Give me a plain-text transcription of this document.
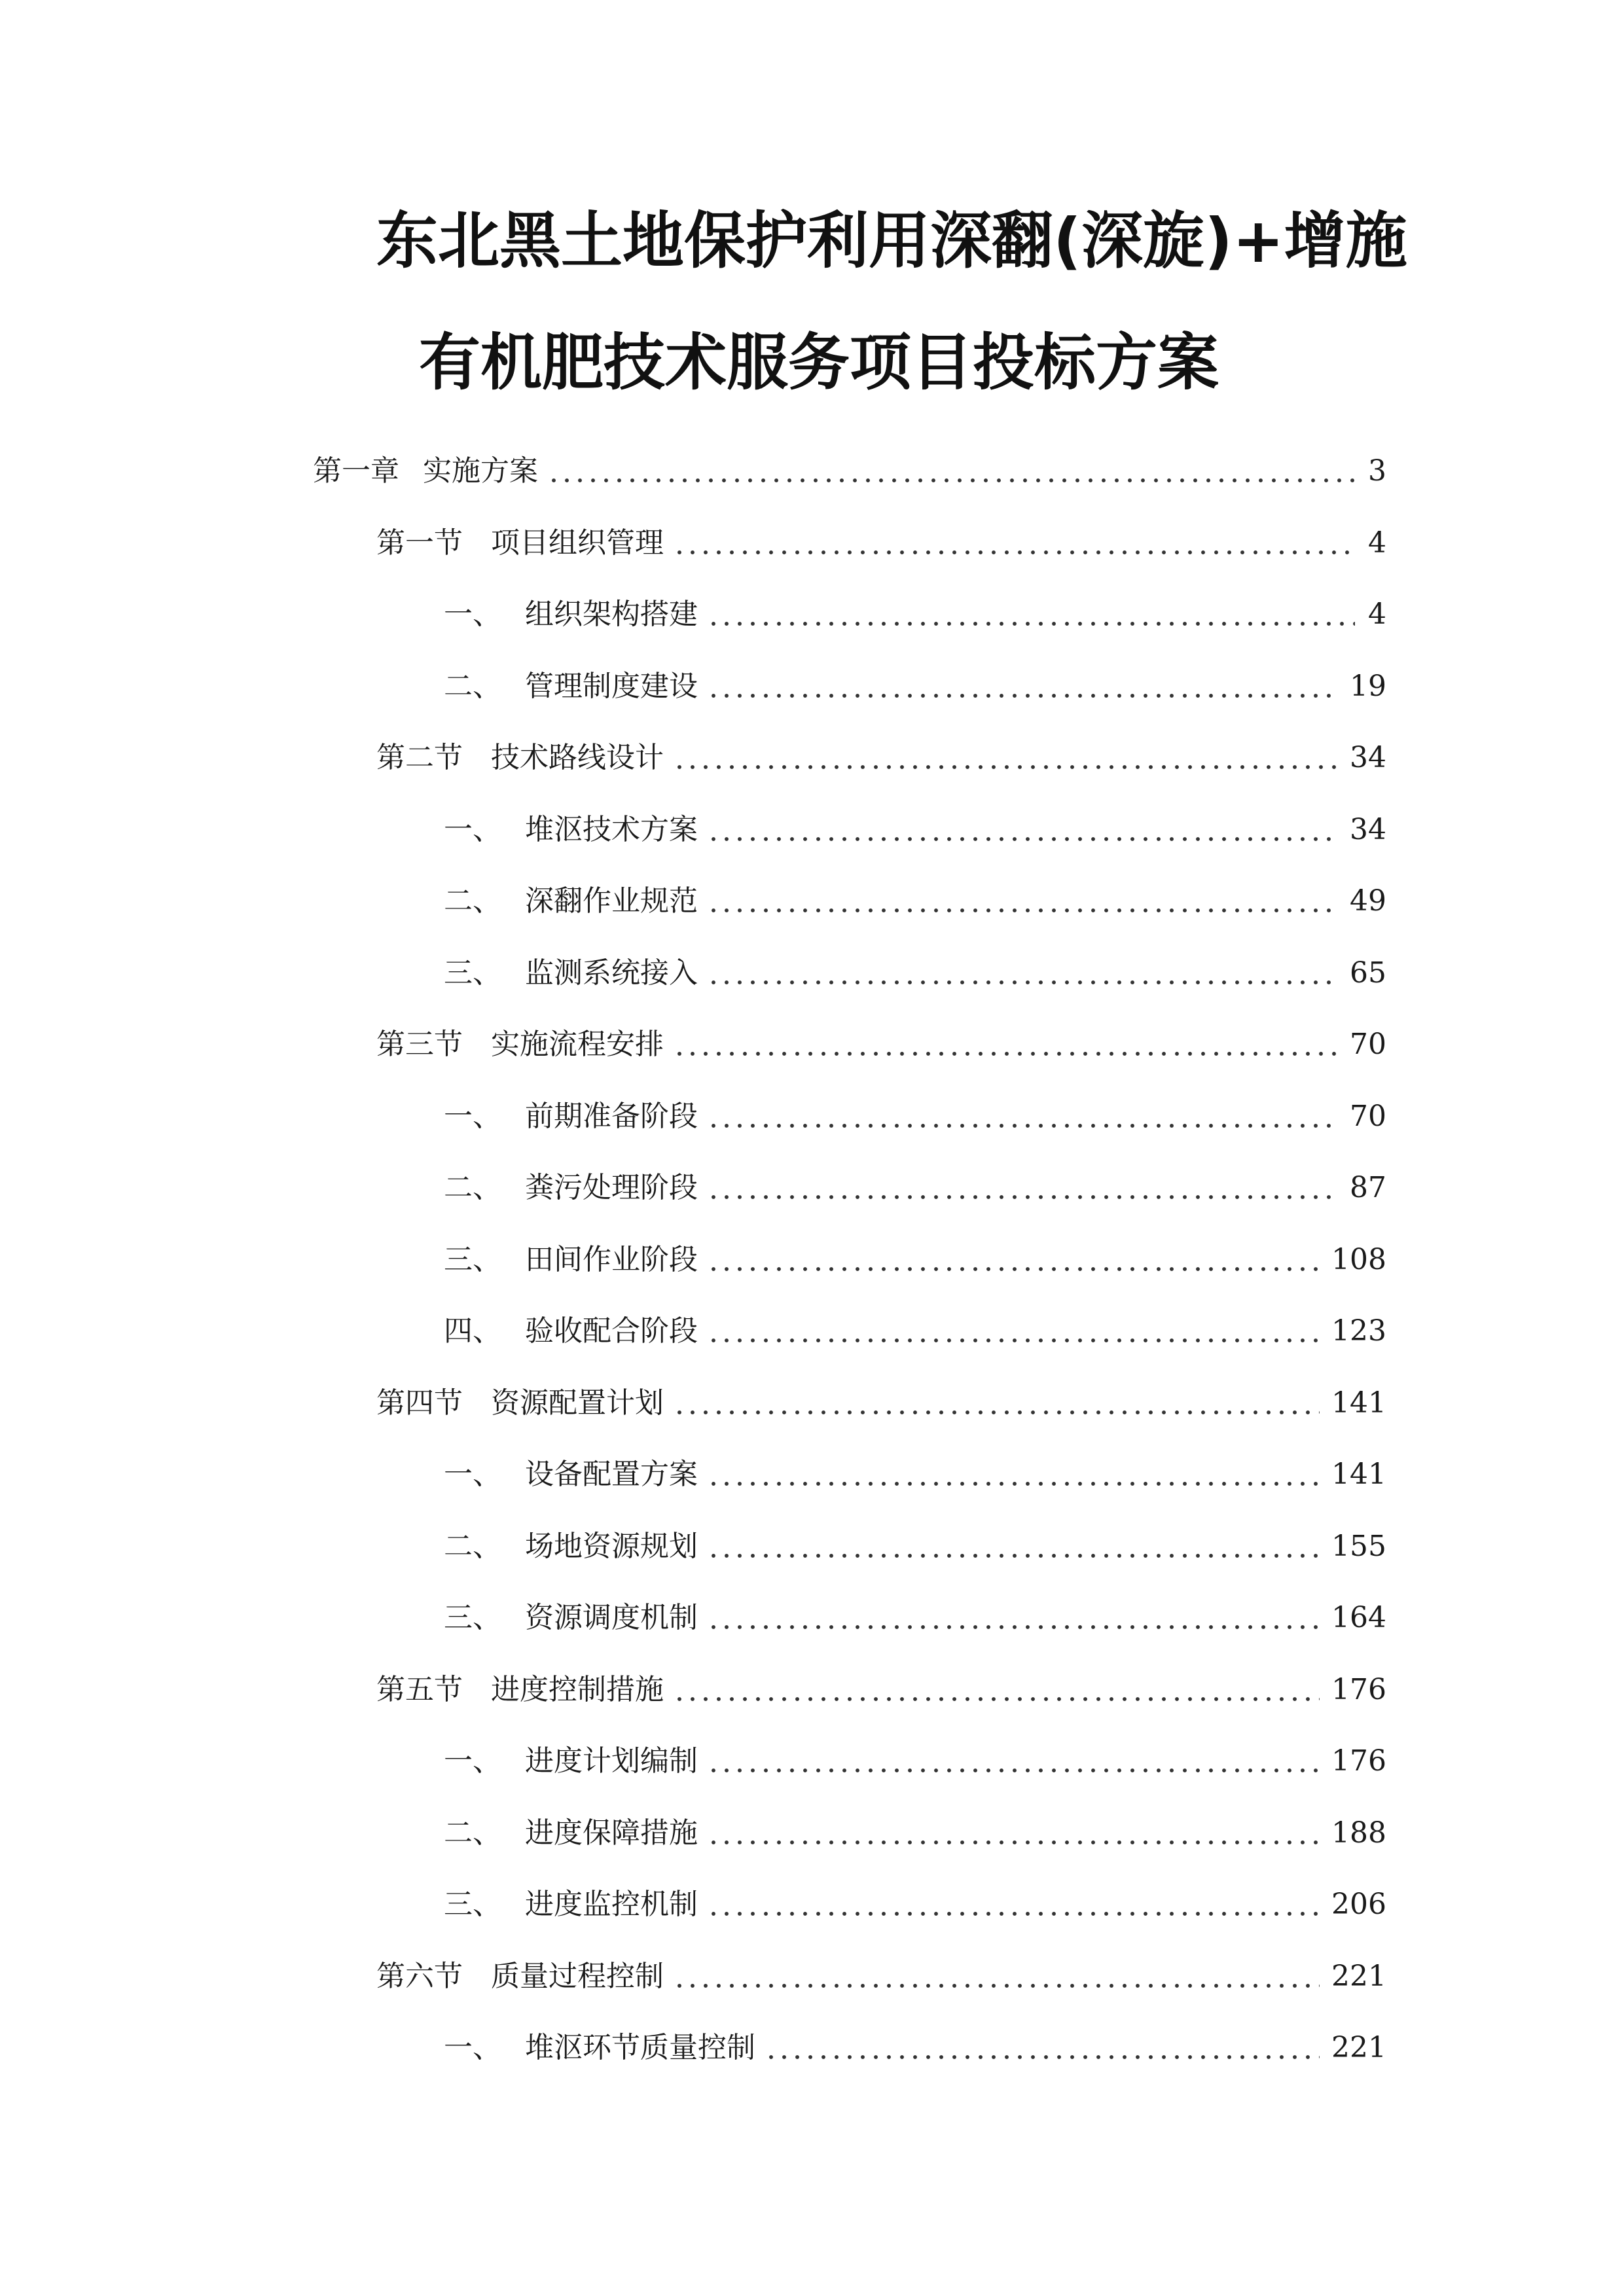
东北黑土地保护利用深翻(深旋)+增施
有机肥技术服务项目投标方案
第一章 实施方案	3
第一节 项目组织管理	4
一、 组织架构搭建	4
二、 管理制度建设	19
第二节 技术路线设计	34
一、 堆沤技术方案	34
二、 深翻作业规范	49
三、 监测系统接入	65
第三节 实施流程安排	70
一、 前期准备阶段	70
二、 粪污处理阶段	87
三、 田间作业阶段	108
四、 验收配合阶段	123
第四节 资源配置计划	141
一、 设备配置方案	141
二、 场地资源规划	155
三、 资源调度机制	164
第五节 进度控制措施	176
一、 进度计划编制	176
二、 进度保障措施	188
三、 进度监控机制	206
第六节 质量过程控制	221
一、 堆沤环节质量控制	221
